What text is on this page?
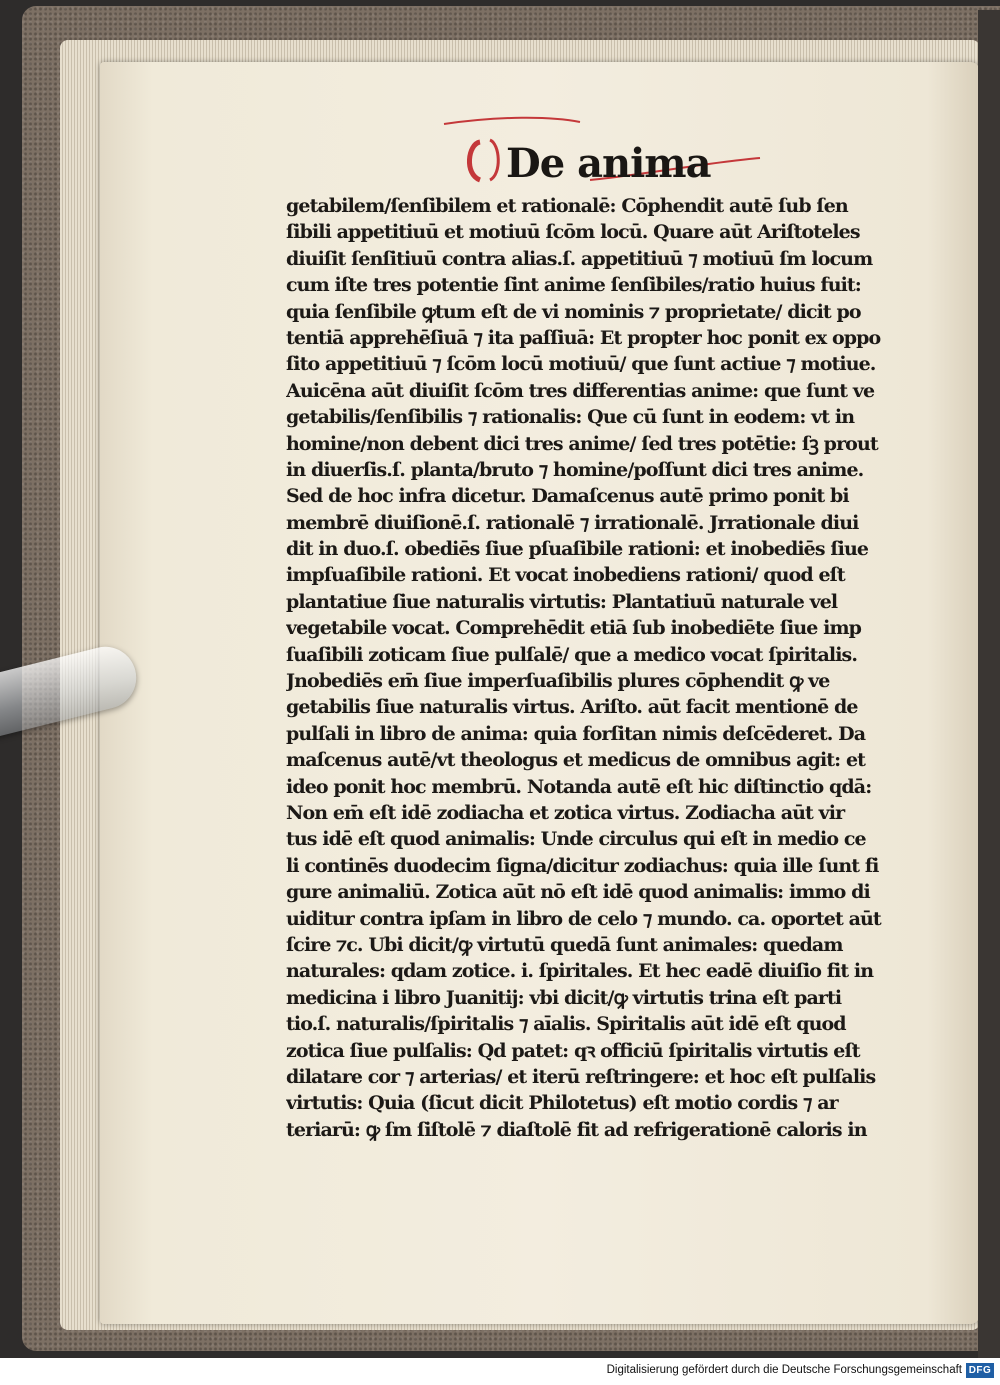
De anima
getabilem/ſenſibilem et rationalē: Cōphendit autē ſub ſen
ſibili appetitiuū et motiuū ſcōm locū. Quare aūt Ariſtoteles
diuiſit ſenſitiuū contra alias.ſ. appetitiuū ⁊ motiuū ſm locum
cum iſte tres potentie ſint anime ſenſibiles/ratio huius fuit:
quia ſenſibile ꝙtum eſt de vi nominis ⁊ proprietate/ dicit po
tentiā apprehēſiuā ⁊ ita paſſiuā: Et propter hoc ponit ex oppo
ſito appetitiuū ⁊ ſcōm locū motiuū/ que ſunt actiue ⁊ motiue.
Auicēna aūt diuiſit ſcōm tres differentias anime: que ſunt ve
getabilis/ſenſibilis ⁊ rationalis: Que cū ſunt in eodem: vt in
homine/non debent dici tres anime/ ſed tres potētie: ſꝫ prout
in diuerſis.ſ. planta/bruto ⁊ homine/poſſunt dici tres anime.
Sed de hoc infra dicetur. Damaſcenus autē primo ponit bi
membrē diuiſionē.ſ. rationalē ⁊ irrationalē. Jrrationale diui
dit in duo.ſ. obediēs ſiue pſuaſibile rationi: et inobediēs ſiue
impſuaſibile rationi. Et vocat inobediens rationi/ quod eſt
plantatiue ſiue naturalis virtutis: Plantatiuū naturale vel
vegetabile vocat. Comprehēdit etiā ſub inobediēte ſiue imp
ſuaſibili zoticam ſiue pulſalē/ que a medico vocat ſpiritalis.
Jnobediēs em̄ ſiue imperſuaſibilis plures cōphendit ꝙ ve
getabilis ſiue naturalis virtus. Ariſto. aūt facit mentionē de
pulſali in libro de anima: quia forſitan nimis deſcēderet. Da
maſcenus autē/vt theologus et medicus de omnibus agit: et
ideo ponit hoc membrū. Notanda autē eſt hic diſtinctio qdā:
Non em̄ eſt idē zodiacha et zotica virtus. Zodiacha aūt vir
tus idē eſt quod animalis: Unde circulus qui eſt in medio ce
li continēs duodecim ſigna/dicitur zodiachus: quia ille ſunt fi
gure animaliū. Zotica aūt nō eſt idē quod animalis: immo di
uiditur contra ipſam in libro de celo ⁊ mundo. ca. oportet aūt
ſcire ⁊c. Ubi dicit/ꝙ virtutū quedā ſunt animales: quedam
naturales: qdam zotice. i. ſpiritales. Et hec eadē diuiſio fit in
medicina i libro Juanitij: vbi dicit/ꝙ virtutis trina eſt parti
tio.ſ. naturalis/ſpiritalis ⁊ aīalis. Spiritalis aūt idē eſt quod
zotica ſiue pulſalis: Qd patet: qꝛ officiū ſpiritalis virtutis eſt
dilatare cor ⁊ arterias/ et iterū reſtringere: et hoc eſt pulſalis
virtutis: Quia (ſicut dicit Philotetus) eſt motio cordis ⁊ ar
teriarū: ꝙ ſm ſiſtolē ⁊ diaſtolē fit ad refrigerationē caloris in
Digitalisierung gefördert durch die Deutsche Forschungsgemeinschaft DFG
